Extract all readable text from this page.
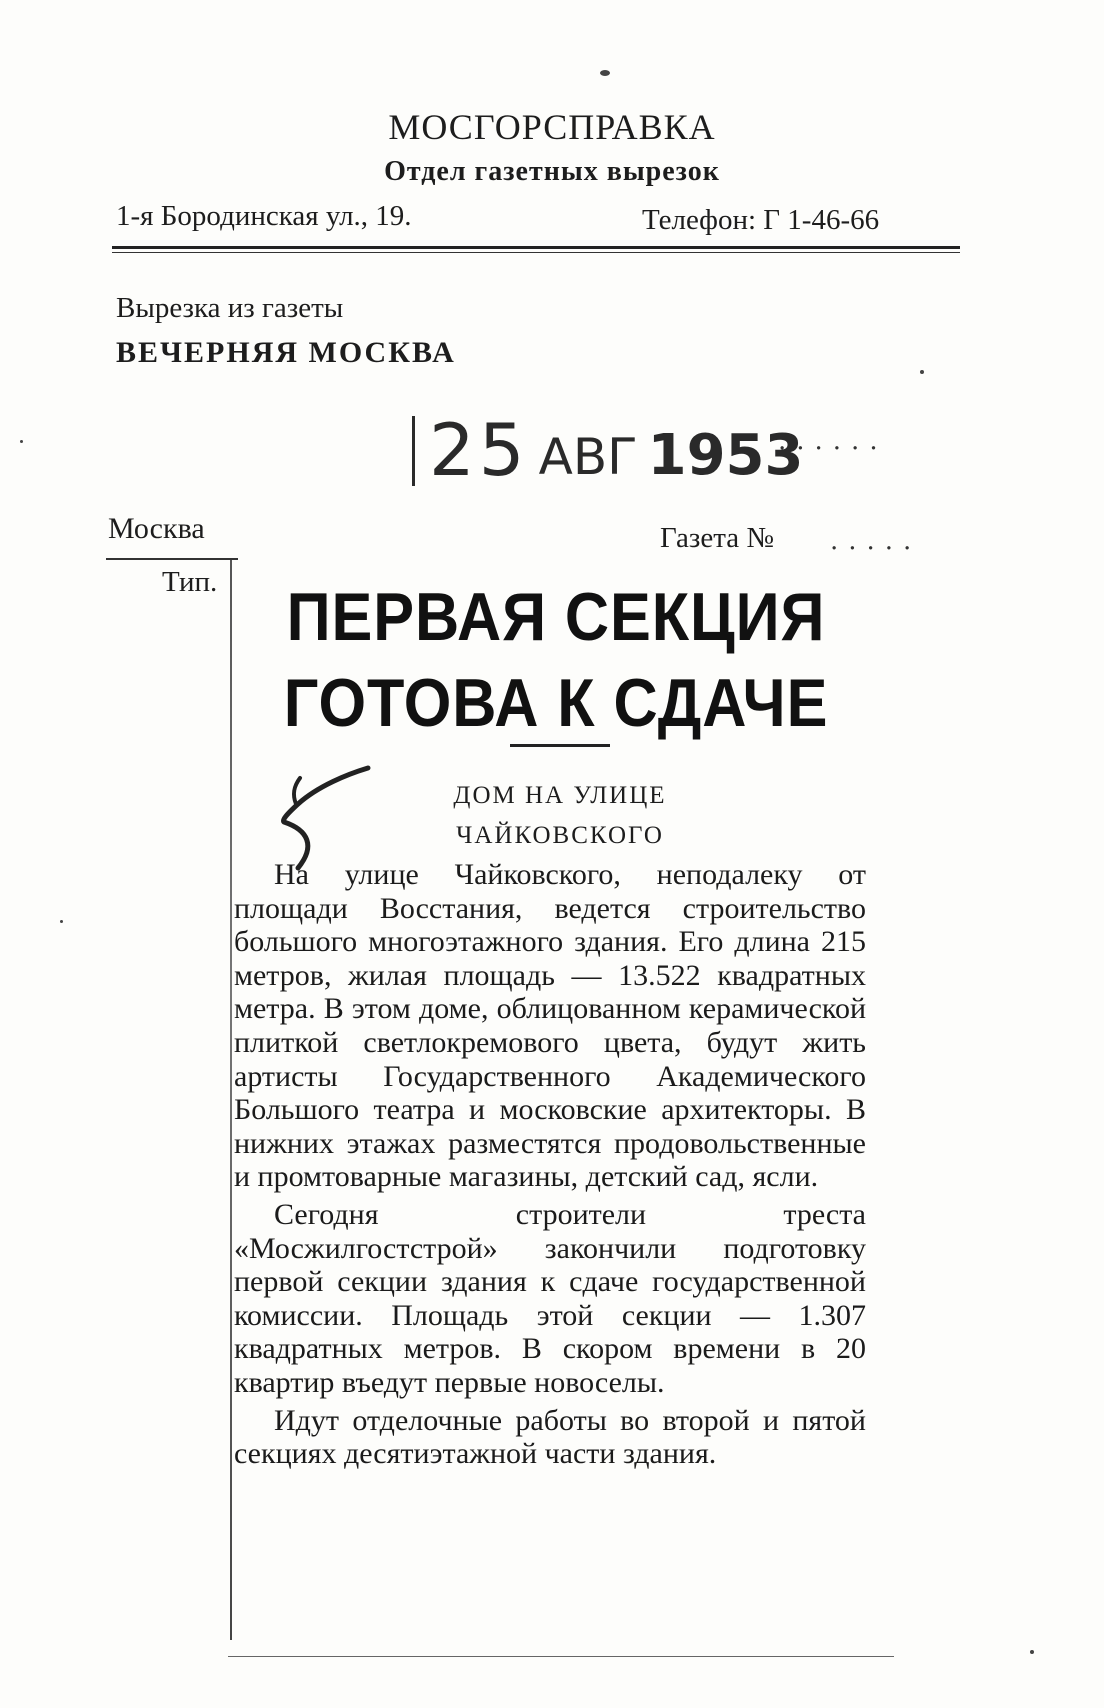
МОСГОРСПРАВКА
Отдел газетных вырезок
1-я Бородинская ул., 19.	Телефон: Г 1-46-66
Вырезка из газеты
ВЕЧЕРНЯЯ МОСКВА
25 АВГ 1953
......
Москва	Газета № .....
Тип. ПЕРВАЯ СЕКЦИЯ
ГОТОВА К СДАЧЕ
ДОМ НА УЛИЦЕ
ЧАЙКОВСКОГО

На улице Чайковского, неподалеку от площади Восстания, ведется строительство большого многоэтажного здания. Его длина 215 метров, жилая площадь — 13.522 квадратных метра. В этом доме, облицованном керамической плиткой светлокремового цвета, будут жить артисты Государственного Академического Большого театра и московские архитекторы. В нижних этажах разместятся продовольственные и промтоварные магазины, детский сад, ясли.

Сегодня строители треста «Мосжилгостстрой» закончили подготовку первой секции здания к сдаче государственной комиссии. Площадь этой секции — 1.307 квадратных метров. В скором времени в 20 квартир въедут первые новоселы.

Идут отделочные работы во второй и пятой секциях десятиэтажной части здания.
